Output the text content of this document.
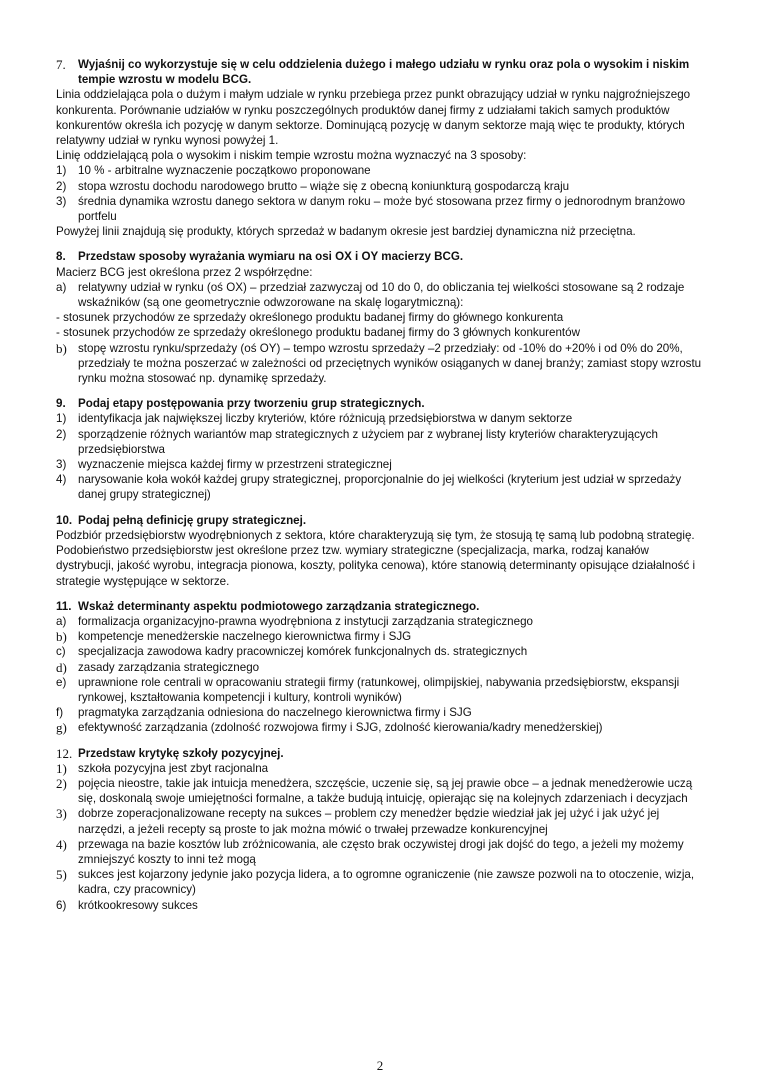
7.	Wyjaśnij co wykorzystuje się w celu oddzielenia dużego i małego udziału w rynku oraz pola o wysokim i niskim tempie wzrostu w modelu BCG.

Linia oddzielająca pola o dużym i małym udziale w rynku przebiega przez punkt obrazujący udział w rynku najgroźniejszego konkurenta. Porównanie udziałów w rynku poszczególnych produktów danej firmy z udziałami takich samych produktów konkurentów określa ich pozycję w danym sektorze. Dominującą pozycję w danym sektorze mają więc te produkty, których relatywny udział w rynku wynosi powyżej 1.

Linię oddzielającą pola o wysokim i niskim tempie wzrostu można wyznaczyć na 3 sposoby:

1)	10 % - arbitralne wyznaczenie początkowo proponowane
2)	stopa wzrostu dochodu narodowego brutto – wiąże się z obecną koniunkturą gospodarczą kraju
3)	średnia dynamika wzrostu danego sektora w danym roku – może być stosowana przez firmy o jednorodnym branżowo portfelu

Powyżej linii znajdują się produkty, których sprzedaż w badanym okresie jest bardziej dynamiczna niż przeciętna.

8.	Przedstaw sposoby wyrażania wymiaru na osi OX i OY macierzy BCG.

Macierz BCG jest określona przez 2 współrzędne:

a)	relatywny udział w rynku (oś OX) – przedział zazwyczaj od 10 do 0, do obliczania tej wielkości stosowane są 2 rodzaje wskaźników (są one geometrycznie odwzorowane na skalę logarytmiczną):

- stosunek przychodów ze sprzedaży określonego produktu badanej firmy do głównego konkurenta

- stosunek przychodów ze sprzedaży określonego produktu badanej firmy do 3 głównych konkurentów

b) stopę wzrostu rynku/sprzedaży (oś OY) – tempo wzrostu sprzedaży –2 przedziały: od -10% do +20% i od 0% do 20%, przedziały te można poszerzać w zależności od przeciętnych wyników osiąganych w danej branży; zamiast stopy wzrostu rynku można stosować np. dynamikę sprzedaży.
9.	Podaj etapy postępowania przy tworzeniu grup strategicznych.
1)	identyfikacja jak największej liczby kryteriów, które różnicują przedsiębiorstwa w danym sektorze
2)	sporządzenie różnych wariantów map strategicznych z użyciem par z wybranej listy kryteriów charakteryzujących przedsiębiorstwa
3)	wyznaczenie miejsca każdej firmy w przestrzeni strategicznej
4)	narysowanie koła wokół każdej grupy strategicznej, proporcjonalnie do jej wielkości (kryterium jest udział w sprzedaży danej grupy strategicznej)
10. Podaj pełną definicję grupy strategicznej.

Podzbiór przedsiębiorstw wyodrębnionych z sektora, które charakteryzują się tym, że stosują tę samą lub podobną strategię. Podobieństwo przedsiębiorstw jest określone przez tzw. wymiary strategiczne (specjalizacja, marka, rodzaj kanałów dystrybucji, jakość wyrobu, integracja pionowa, koszty, polityka cenowa), które stanowią determinanty opisujące działalność i strategie występujące w sektorze.

11. Wskaż determinanty aspektu podmiotowego zarządzania strategicznego.
a)	formalizacja organizacyjno-prawna wyodrębniona z instytucji zarządzania strategicznego
b) kompetencje menedżerskie naczelnego kierownictwa firmy i SJG
c)	specjalizacja zawodowa kadry pracowniczej komórek funkcjonalnych ds. strategicznych
d) zasady zarządzania strategicznego
e)	uprawnione role centrali w opracowaniu strategii firmy (ratunkowej, olimpijskiej, nabywania przedsiębiorstw, ekspansji rynkowej, kształtowania kompetencji i kultury, kontroli wyników)
f)	pragmatyka zarządzania odniesiona do naczelnego kierownictwa firmy i SJG
g) efektywność zarządzania (zdolność rozwojowa firmy i SJG, zdolność kierowania/kadry menedżerskiej)
12. Przedstaw krytykę szkoły pozycyjnej.
1) szkoła pozycyjna jest zbyt racjonalna
2) pojęcia nieostre, takie jak intuicja menedżera, szczęście, uczenie się, są jej prawie obce – a jednak menedżerowie uczą się, doskonalą swoje umiejętności formalne, a także budują intuicję, opierając się na kolejnych zdarzeniach i decyzjach
3) dobrze zoperacjonalizowane recepty na sukces – problem czy menedżer będzie wiedział jak jej użyć i jak użyć jej narzędzi, a jeżeli recepty są proste to jak można mówić o trwałej przewadze konkurencyjnej
4) przewaga na bazie kosztów lub zróżnicowania, ale często brak oczywistej drogi jak dojść do tego, a jeżeli my możemy zmniejszyć koszty to inni też mogą
5) sukces jest kojarzony jedynie jako pozycja lidera, a to ogromne ograniczenie (nie zawsze pozwoli na to otoczenie, wizja, kadra, czy pracownicy)
6)	krótkookresowy sukces
2
